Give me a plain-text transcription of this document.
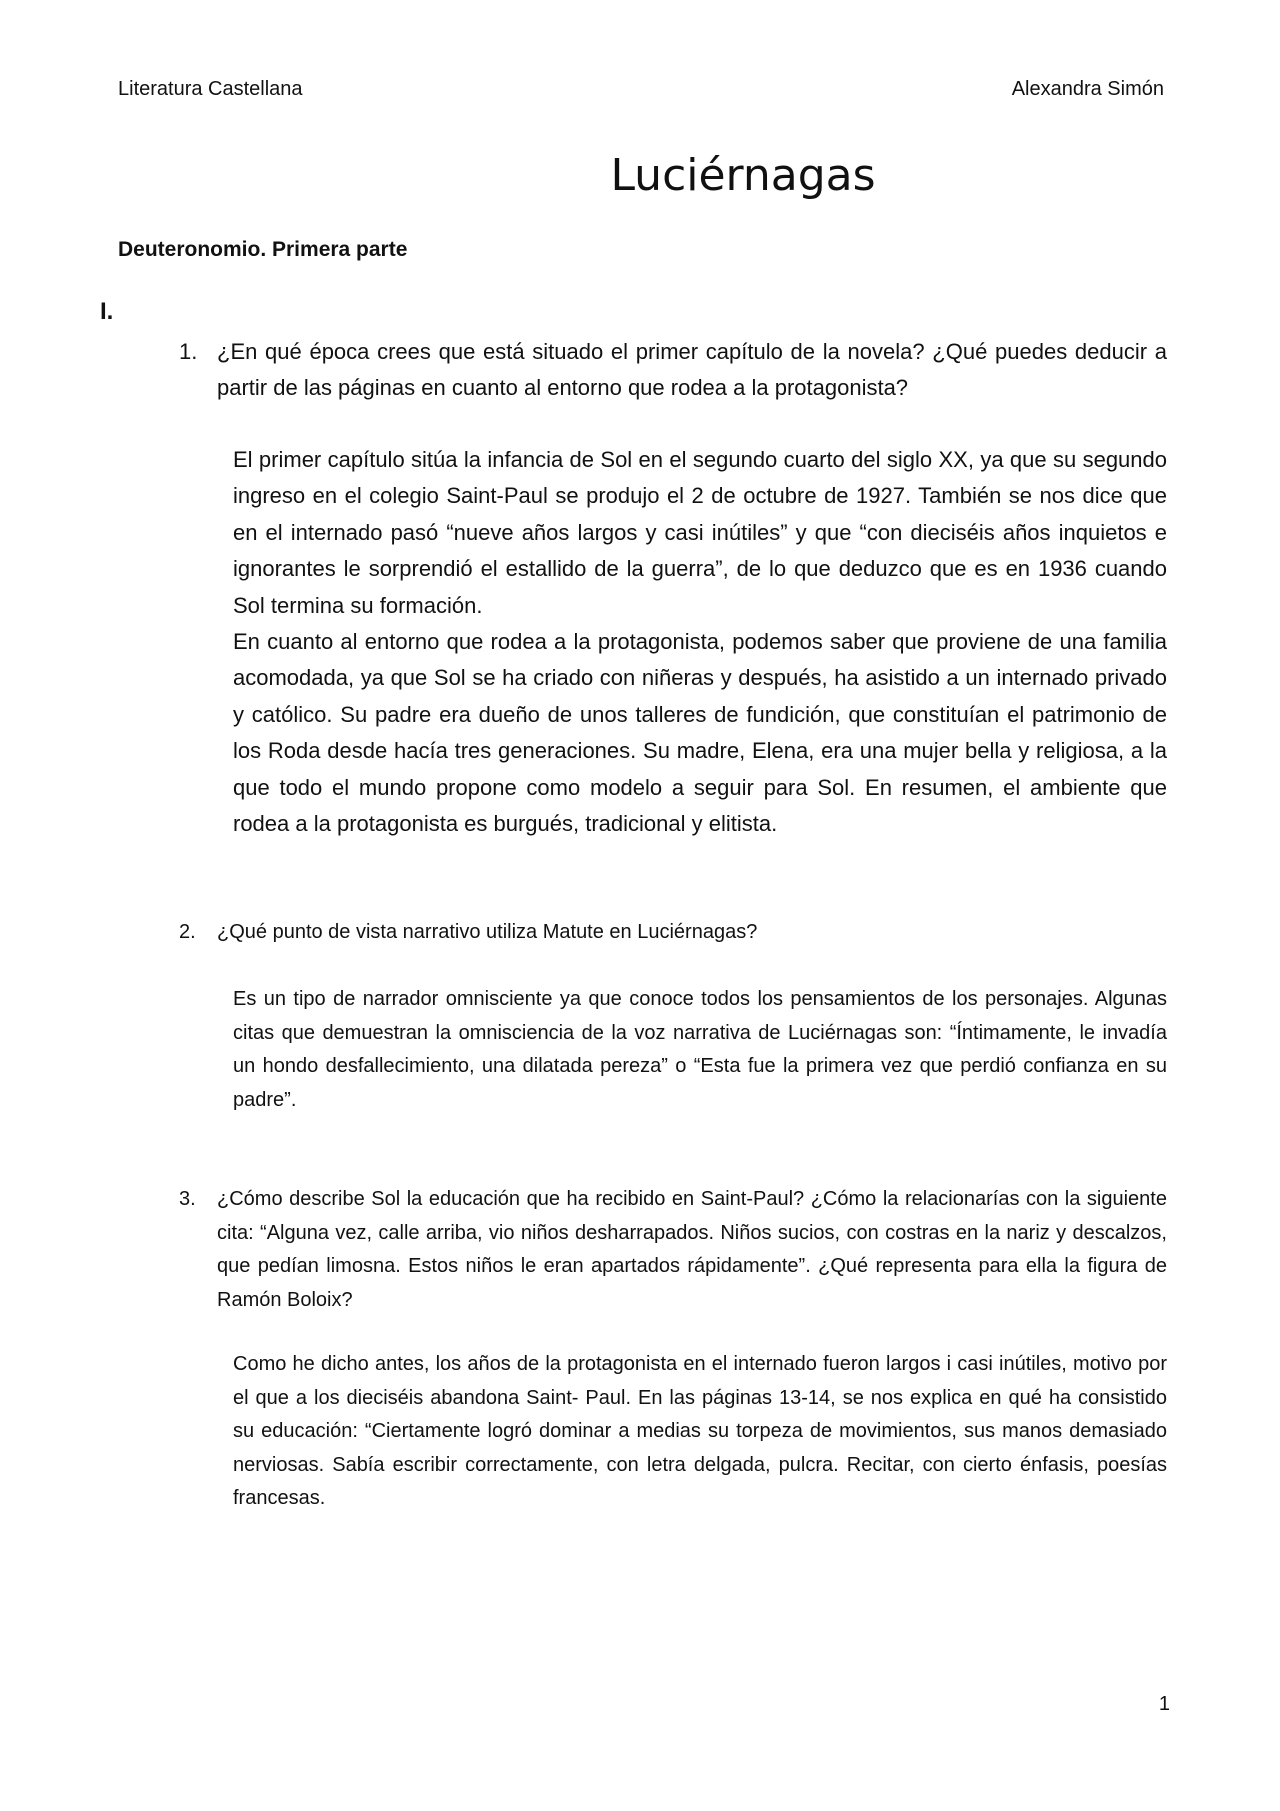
Literatura Castellana	Alexandra Simón
Luciérnagas
Deuteronomio. Primera parte
I.
1. ¿En qué época crees que está situado el primer capítulo de la novela? ¿Qué puedes deducir a partir de las páginas en cuanto al entorno que rodea a la protagonista?

El primer capítulo sitúa la infancia de Sol en el segundo cuarto del siglo XX, ya que su segundo ingreso en el colegio Saint-Paul se produjo el 2 de octubre de 1927. También se nos dice que en el internado pasó “nueve años largos y casi inútiles” y que “con dieciséis años inquietos e ignorantes le sorprendió el estallido de la guerra”, de lo que deduzco que es en 1936 cuando Sol termina su formación.

En cuanto al entorno que rodea a la protagonista, podemos saber que proviene de una familia acomodada, ya que Sol se ha criado con niñeras y después, ha asistido a un internado privado y católico. Su padre era dueño de unos talleres de fundición, que constituían el patrimonio de los Roda desde hacía tres generaciones. Su madre, Elena, era una mujer bella y religiosa, a la que todo el mundo propone como modelo a seguir para Sol. En resumen, el ambiente que rodea a la protagonista es burgués, tradicional y elitista.

2. ¿Qué punto de vista narrativo utiliza Matute en Luciérnagas?

Es un tipo de narrador omnisciente ya que conoce todos los pensamientos de los personajes. Algunas citas que demuestran la omnisciencia de la voz narrativa de Luciérnagas son: “Íntimamente, le invadía un hondo desfallecimiento, una dilatada pereza” o “Esta fue la primera vez que perdió confianza en su padre”.

3. ¿Cómo describe Sol la educación que ha recibido en Saint-Paul? ¿Cómo la relacionarías con la siguiente cita: “Alguna vez, calle arriba, vio niños desharrapados. Niños sucios, con costras en la nariz y descalzos, que pedían limosna. Estos niños le eran apartados rápidamente”. ¿Qué representa para ella la figura de Ramón Boloix?

Como he dicho antes, los años de la protagonista en el internado fueron largos i casi inútiles, motivo por el que a los dieciséis abandona Saint- Paul. En las páginas 13-14, se nos explica en qué ha consistido su educación: “Ciertamente logró dominar a medias su torpeza de movimientos, sus manos demasiado nerviosas. Sabía escribir correctamente, con letra delgada, pulcra. Recitar, con cierto énfasis, poesías francesas.

1
